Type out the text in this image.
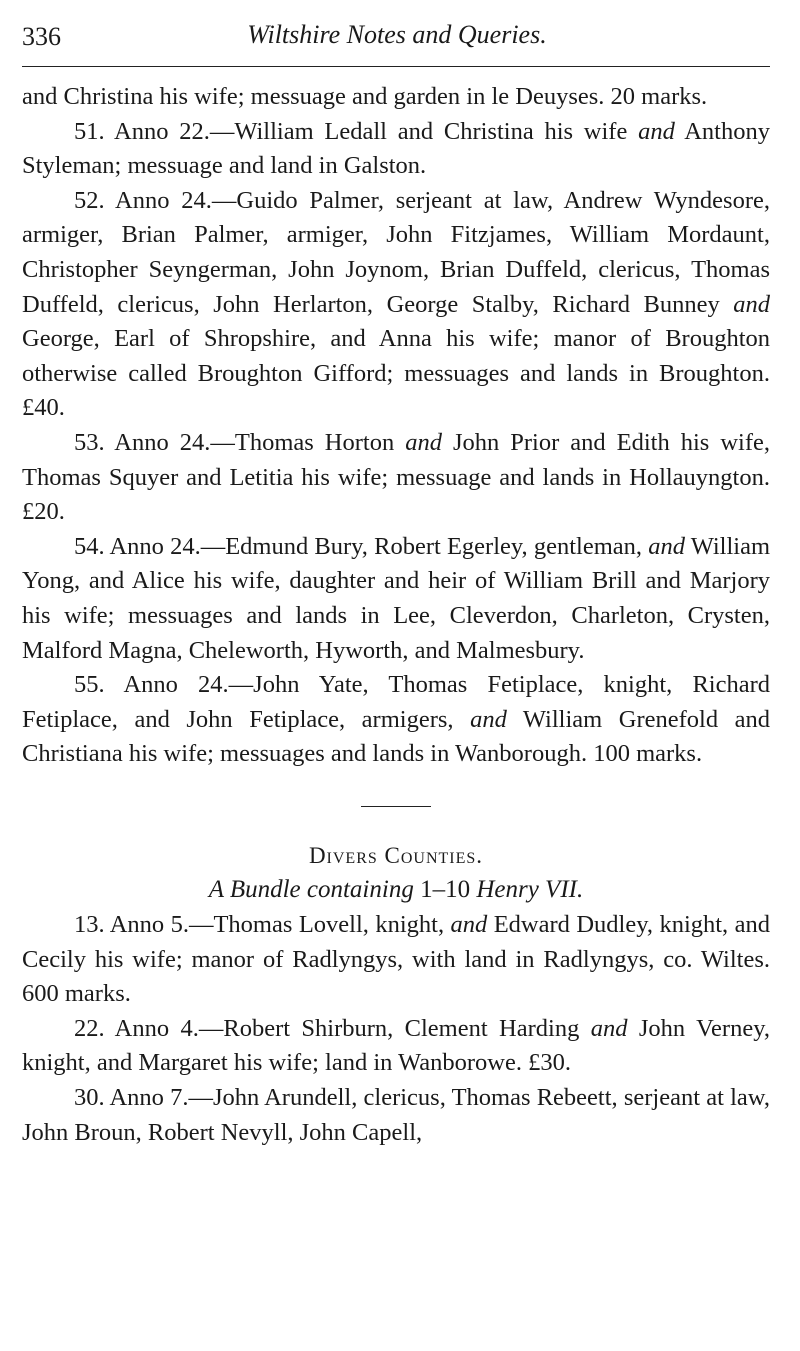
336	Wiltshire Notes and Queries.

and Christina his wife; messuage and garden in le Deuyses. 20 marks.

51. Anno 22.—William Ledall and Christina his wife and Anthony Styleman; messuage and land in Galston.

52. Anno 24.—Guido Palmer, serjeant at law, Andrew Wyndesore, armiger, Brian Palmer, armiger, John Fitzjames, William Mordaunt, Christopher Seyngerman, John Joynom, Brian Duffeld, clericus, Thomas Duffeld, clericus, John Herlarton, George Stalby, Richard Bunney and George, Earl of Shropshire, and Anna his wife; manor of Broughton otherwise called Broughton Gifford; messuages and lands in Broughton. £40.

53. Anno 24.—Thomas Horton and John Prior and Edith his wife, Thomas Squyer and Letitia his wife; messuage and lands in Hollauyngton. £20.

54. Anno 24.—Edmund Bury, Robert Egerley, gentleman, and William Yong, and Alice his wife, daughter and heir of William Brill and Marjory his wife; messuages and lands in Lee, Cleverdon, Charleton, Crysten, Malford Magna, Cheleworth, Hyworth, and Malmesbury.

55. Anno 24.—John Yate, Thomas Fetiplace, knight, Richard Fetiplace, and John Fetiplace, armigers, and William Grenefold and Christiana his wife; messuages and lands in Wanborough. 100 marks.

Divers Counties.

A Bundle containing 1–10 Henry VII.

13. Anno 5.—Thomas Lovell, knight, and Edward Dudley, knight, and Cecily his wife; manor of Radlyngys, with land in Radlyngys, co. Wiltes. 600 marks.

22. Anno 4.—Robert Shirburn, Clement Harding and John Verney, knight, and Margaret his wife; land in Wanborowe. £30.

30. Anno 7.—John Arundell, clericus, Thomas Rebeett, serjeant at law, John Broun, Robert Nevyll, John Capell,
